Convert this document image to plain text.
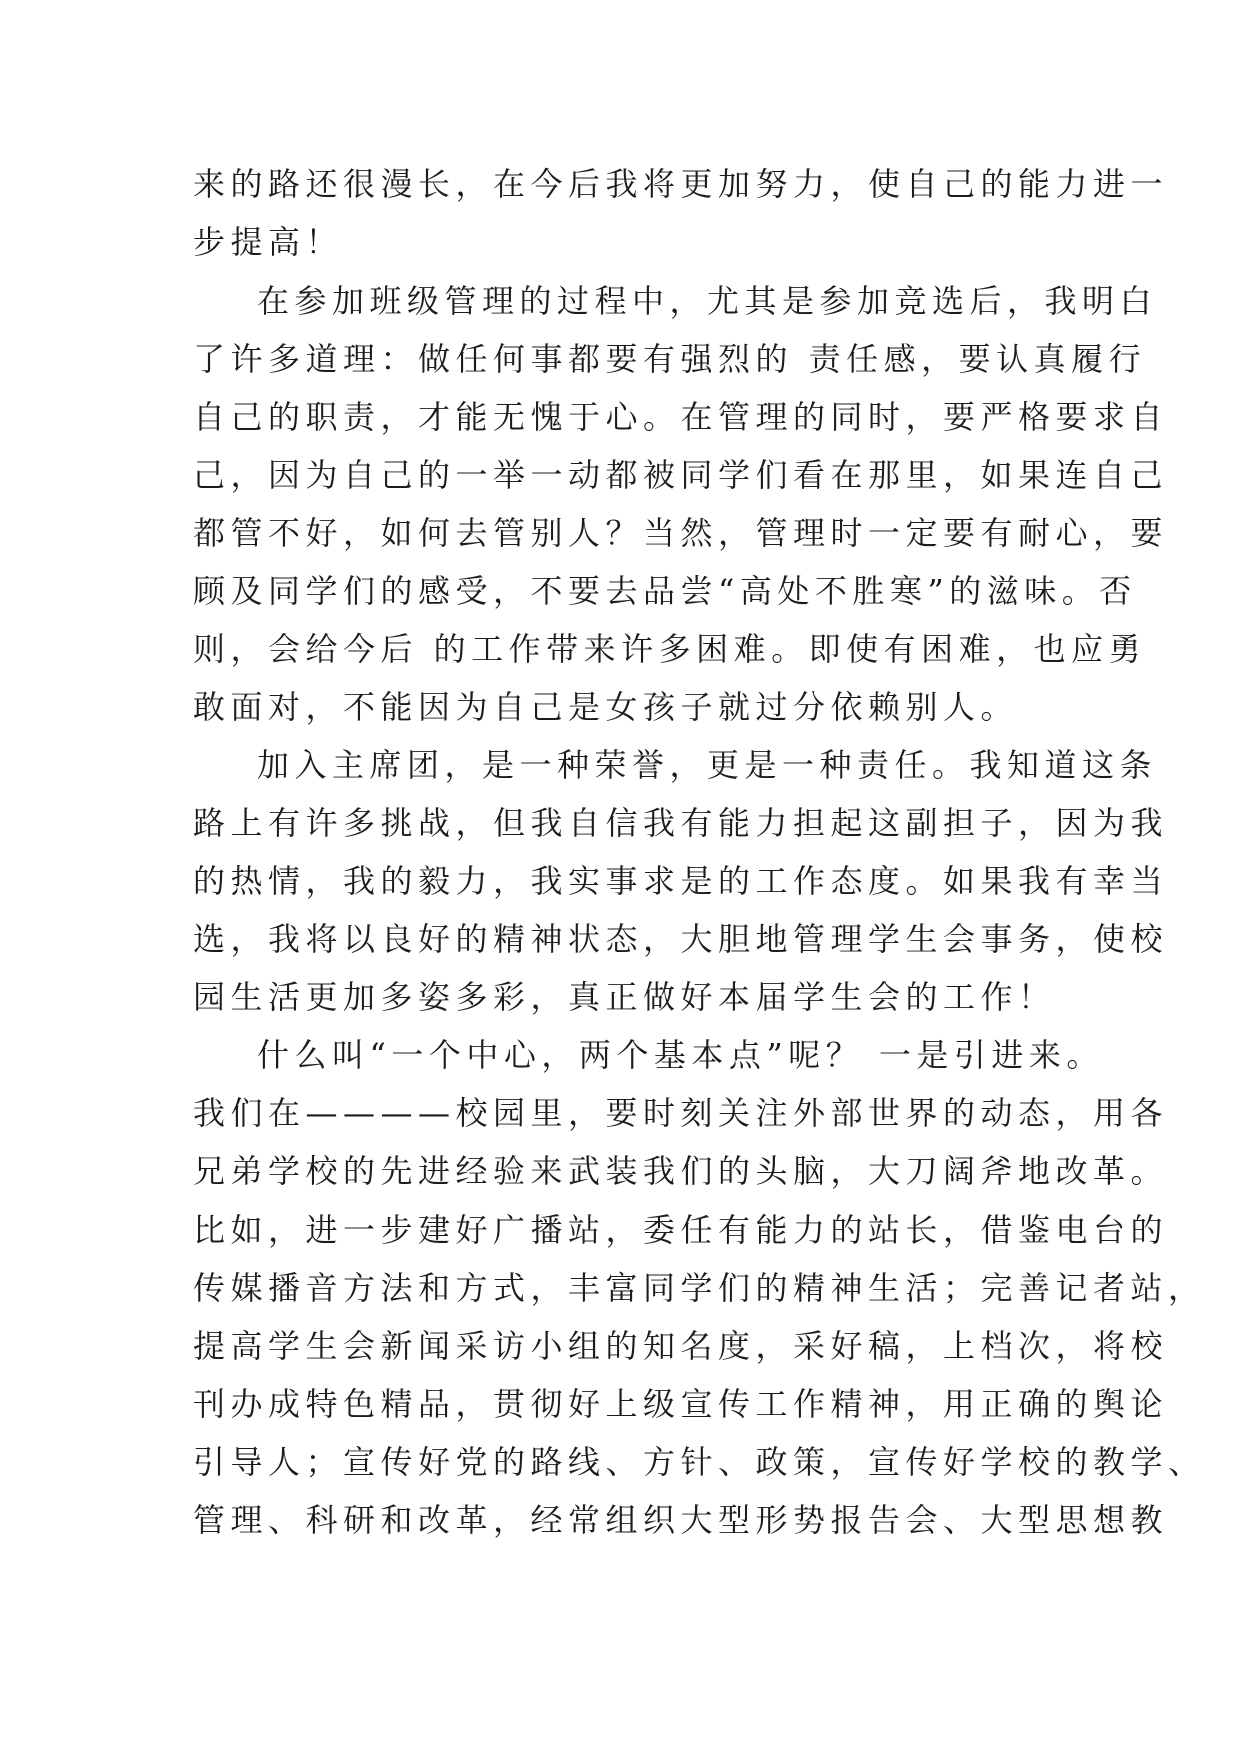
来的路还很漫长，在今后我将更加努力，使自己的能力进一
步提高！
在参加班级管理的过程中，尤其是参加竞选后，我明白
了许多道理：做任何事都要有强烈的 责任感，要认真履行
自己的职责，才能无愧于心。在管理的同时，要严格要求自
己，因为自己的一举一动都被同学们看在那里，如果连自己
都管不好，如何去管别人？当然，管理时一定要有耐心，要
顾及同学们的感受，不要去品尝“高处不胜寒”的滋味。否
则，会给今后 的工作带来许多困难。即使有困难，也应勇
敢面对，不能因为自己是女孩子就过分依赖别人。
加入主席团，是一种荣誉，更是一种责任。我知道这条
路上有许多挑战，但我自信我有能力担起这副担子，因为我
的热情，我的毅力，我实事求是的工作态度。如果我有幸当
选，我将以良好的精神状态，大胆地管理学生会事务，使校
园生活更加多姿多彩，真正做好本届学生会的工作！
什么叫“一个中心，两个基本点”呢？ 一是引进来。
我们在————校园里，要时刻关注外部世界的动态，用各
兄弟学校的先进经验来武装我们的头脑，大刀阔斧地改革。
比如，进一步建好广播站，委任有能力的站长，借鉴电台的
传媒播音方法和方式，丰富同学们的精神生活；完善记者站，
提高学生会新闻采访小组的知名度，采好稿，上档次，将校
刊办成特色精品，贯彻好上级宣传工作精神，用正确的舆论
引导人；宣传好党的路线、方针、政策，宣传好学校的教学、
管理、科研和改革，经常组织大型形势报告会、大型思想教
